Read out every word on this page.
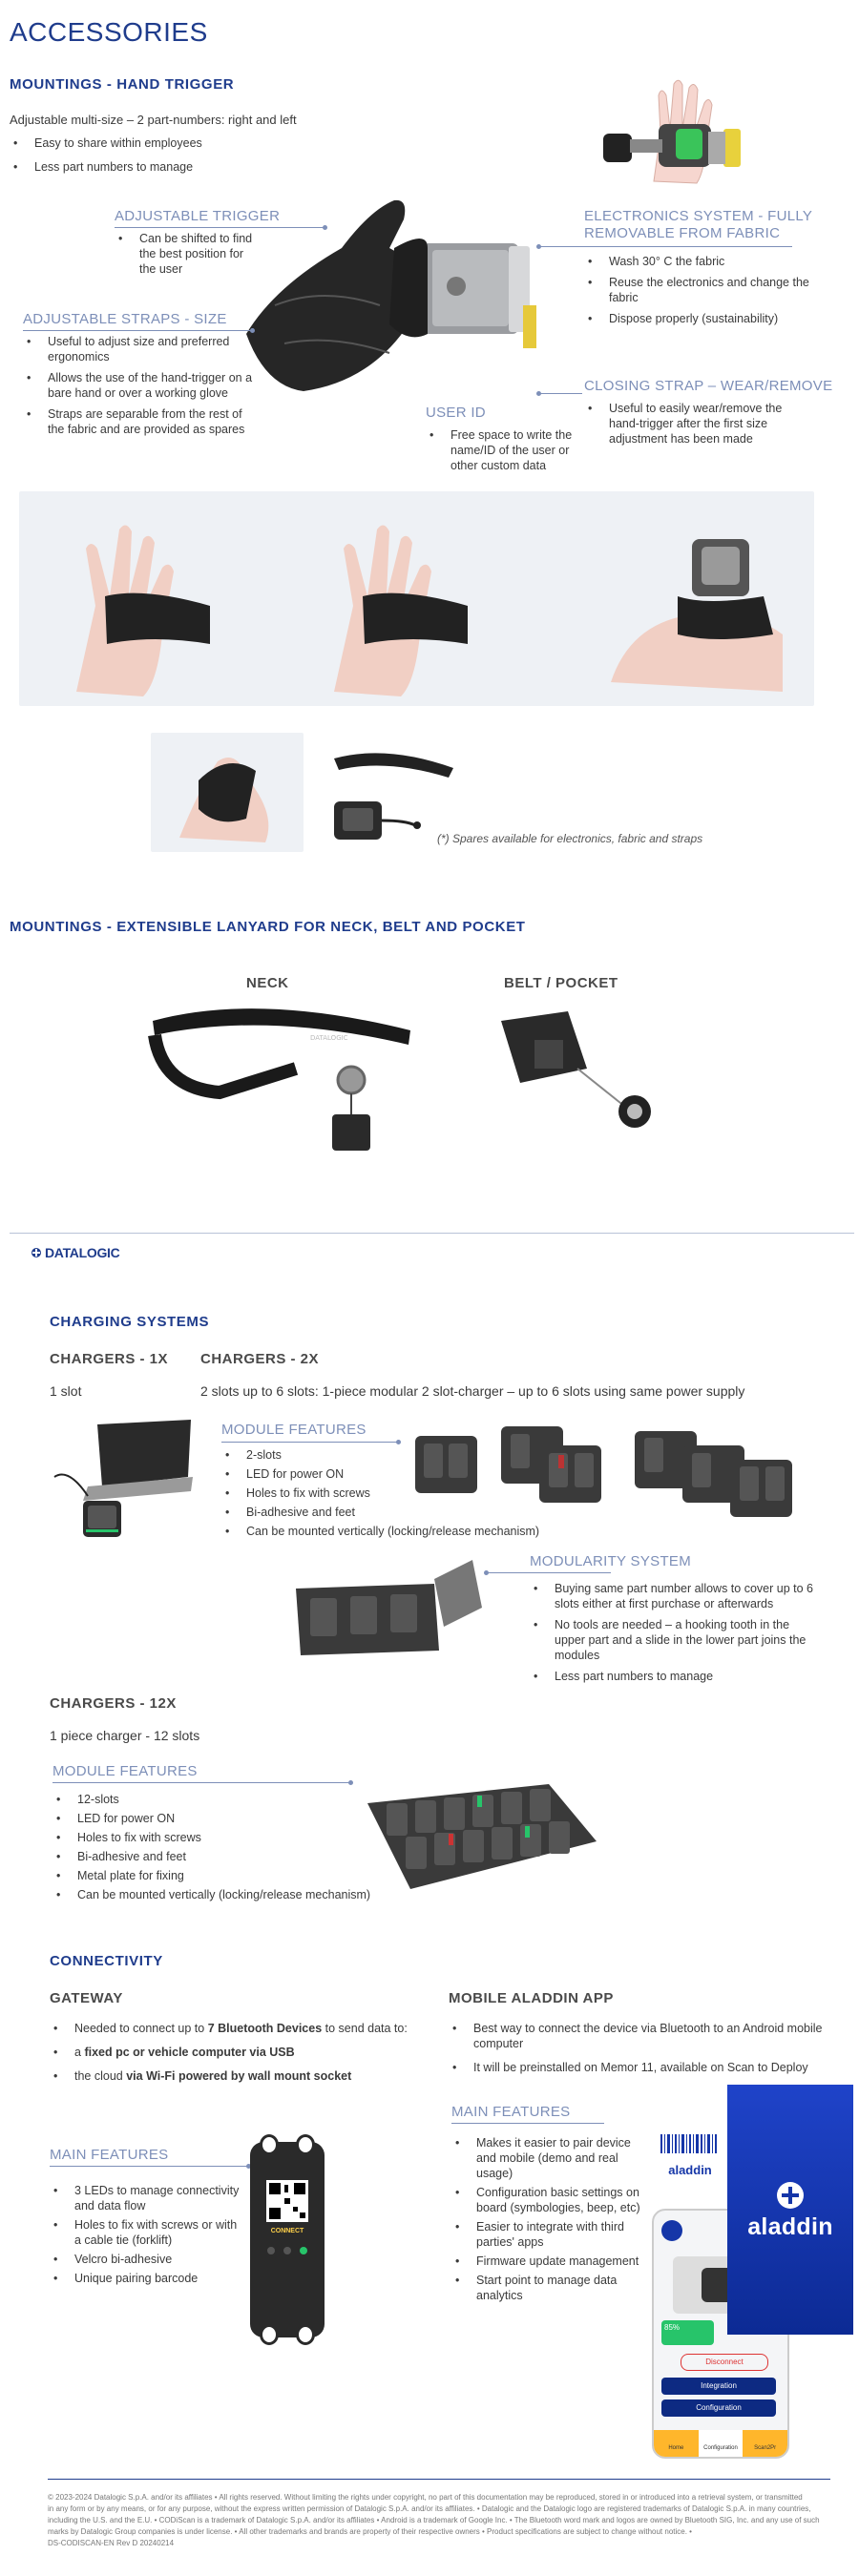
ACCESSORIES
MOUNTINGS - HAND TRIGGER
Adjustable multi-size – 2 part-numbers: right and left
• Easy to share within employees
• Less part numbers to manage
ADJUSTABLE TRIGGER
• Can be shifted to find the best position for the user
ADJUSTABLE STRAPS - SIZE
• Useful to adjust size and preferred ergonomics
• Allows the use of the hand-trigger on a bare hand or over a working glove
• Straps are separable from the rest of the fabric and are provided as spares
ELECTRONICS SYSTEM - FULLY
REMOVABLE FROM FABRIC
• Wash 30° C the fabric
• Reuse the electronics and change the fabric
• Dispose properly (sustainability)
CLOSING STRAP – WEAR/REMOVE
• Useful to easily wear/remove the hand-trigger after the first size adjustment has been made
USER ID
• Free space to write the name/ID of the user or other custom data
(*) Spares available for electronics, fabric and straps
MOUNTINGS - EXTENSIBLE LANYARD FOR NECK, BELT AND POCKET
NECK	BELT / POCKET
DATALOGIC
DATALOGIC
CHARGING SYSTEMS
CHARGERS - 1X CHARGERS - 2X
1 slot	2 slots up to 6 slots: 1-piece modular 2 slot-charger – up to 6 slots using same power supply
MODULE FEATURES
• 2-slots
• LED for power ON
• Holes to fix with screws
• Bi-adhesive and feet
• Can be mounted vertically (locking/release mechanism)
MODULARITY SYSTEM
• Buying same part number allows to cover up to 6 slots either at first purchase or afterwards
• No tools are needed – a hooking tooth in the upper part and a slide in the lower part joins the modules
• Less part numbers to manage
CHARGERS - 12X
1 piece charger - 12 slots
MODULE FEATURES
• 12-slots
• LED for power ON
• Holes to fix with screws
• Bi-adhesive and feet
• Metal plate for fixing
• Can be mounted vertically (locking/release mechanism)
CONNECTIVITY
GATEWAY
• Needed to connect up to 7 Bluetooth Devices to send data to:
• a fixed pc or vehicle computer via USB
• the cloud via Wi-Fi powered by wall mount socket
MAIN FEATURES
• 3 LEDs to manage connectivity and data flow
• Holes to fix with screws or with a cable tie (forklift)
• Velcro bi-adhesive
• Unique pairing barcode
CONNECT
MOBILE ALADDIN APP
• Best way to connect the device via Bluetooth to an Android mobile computer
• It will be preinstalled on Memor 11, available on Scan to Deploy
MAIN FEATURES
• Makes it easier to pair device and mobile (demo and real usage)
• Configuration basic settings on board (symbologies, beep, etc)
• Easier to integrate with third parties' apps
• Firmware update management
• Start point to manage data analytics
aladdin
85%
Disconnect
Integration
Configuration
Home	Configuration	Scan2Pr
aladdin
© 2023-2024 Datalogic S.p.A. and/or its affiliates • All rights reserved. Without limiting the rights under copyright, no part of this documentation may be reproduced, stored in or introduced into a retrieval system, or transmitted
in any form or by any means, or for any purpose, without the express written permission of Datalogic S.p.A. and/or its affiliates. • Datalogic and the Datalogic logo are registered trademarks of Datalogic S.p.A. in many countries,
including the U.S. and the E.U. • CODiScan is a trademark of Datalogic S.p.A. and/or its affiliates • Android is a trademark of Google Inc. • The Bluetooth word mark and logos are owned by Bluetooth SIG, Inc. and any use of such
marks by Datalogic Group companies is under license. • All other trademarks and brands are property of their respective owners • Product specifications are subject to change without notice. •
DS-CODISCAN-EN Rev D 20240214
